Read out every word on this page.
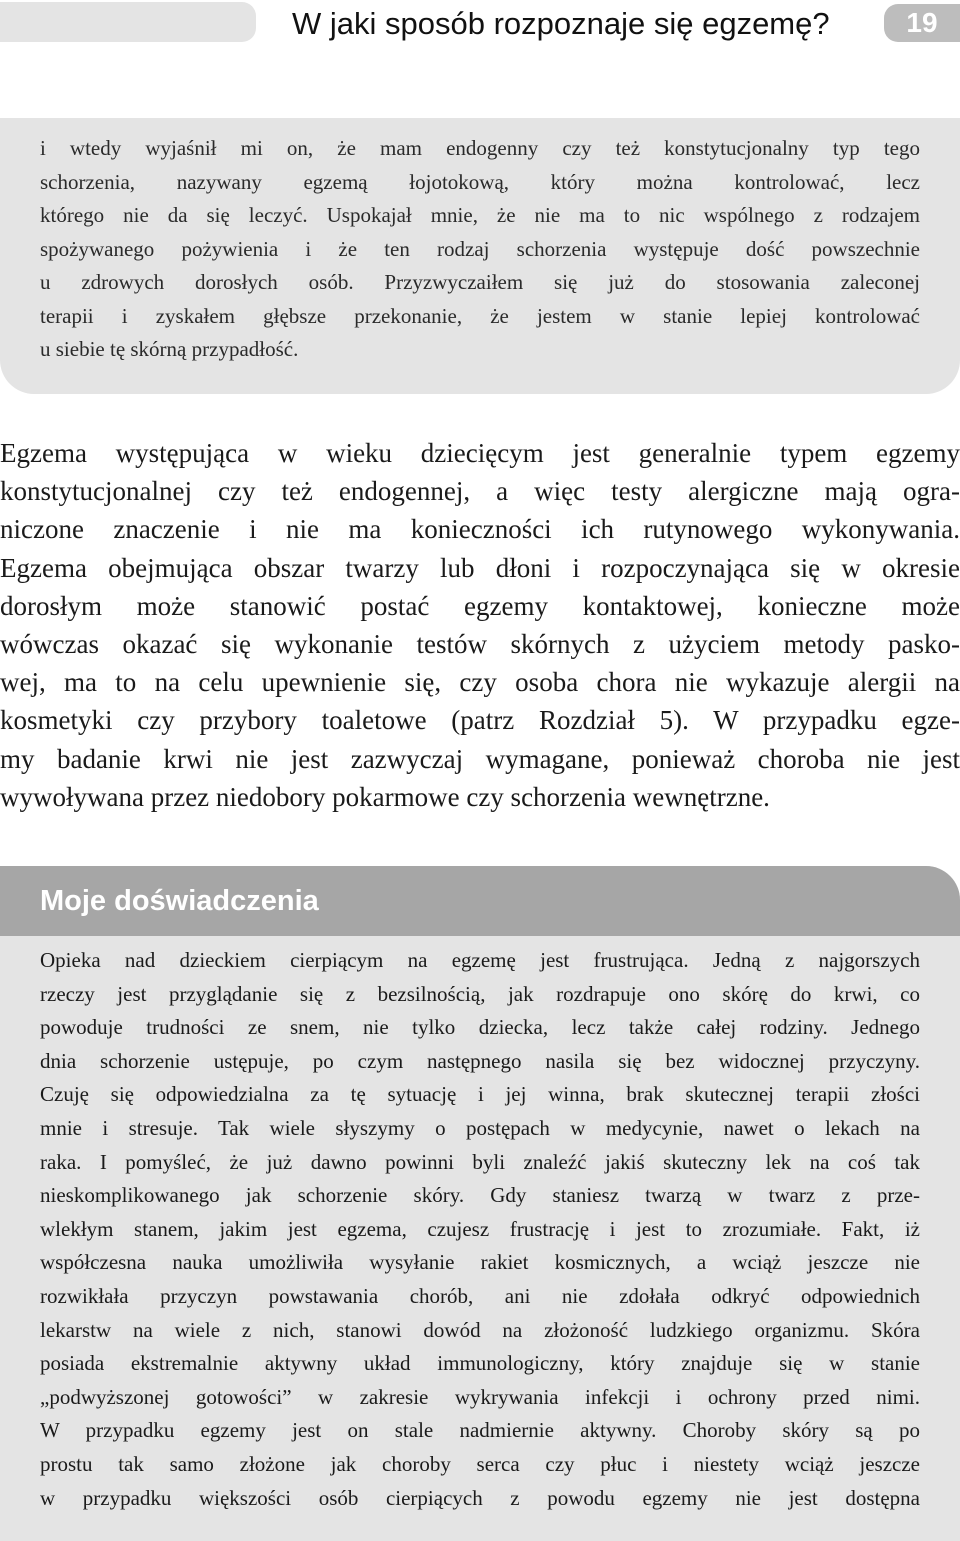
W jaki sposób rozpoznaje się egzemę?	19
i wtedy wyjaśnił mi on, że mam endogenny czy też konstytucjonalny typ tego
schorzenia, nazywany egzemą łojotokową, który można kontrolować, lecz
którego nie da się leczyć. Uspokajał mnie, że nie ma to nic wspólnego z rodzajem
spożywanego pożywienia i że ten rodzaj schorzenia występuje dość powszechnie
u zdrowych dorosłych osób. Przyzwyczaiłem się już do stosowania zaleconej
terapii i zyskałem głębsze przekonanie, że jestem w stanie lepiej kontrolować
u siebie tę skórną przypadłość.
Egzema występująca w wieku dziecięcym jest generalnie typem egzemy
konstytucjonalnej czy też endogennej, a więc testy alergiczne mają ogra-
niczone znaczenie i nie ma konieczności ich rutynowego wykonywania.
Egzema obejmująca obszar twarzy lub dłoni i rozpoczynająca się w okresie
dorosłym może stanowić postać egzemy kontaktowej, konieczne może
wówczas okazać się wykonanie testów skórnych z użyciem metody pasko-
wej, ma to na celu upewnienie się, czy osoba chora nie wykazuje alergii na
kosmetyki czy przybory toaletowe (patrz Rozdział 5). W przypadku egze-
my badanie krwi nie jest zazwyczaj wymagane, ponieważ choroba nie jest
wywoływana przez niedobory pokarmowe czy schorzenia wewnętrzne.
Moje doświadczenia
Opieka nad dzieckiem cierpiącym na egzemę jest frustrująca. Jedną z najgorszych
rzeczy jest przyglądanie się z bezsilnością, jak rozdrapuje ono skórę do krwi, co
powoduje trudności ze snem, nie tylko dziecka, lecz także całej rodziny. Jednego
dnia schorzenie ustępuje, po czym następnego nasila się bez widocznej przyczyny.
Czuję się odpowiedzialna za tę sytuację i jej winna, brak skutecznej terapii złości
mnie i stresuje. Tak wiele słyszymy o postępach w medycynie, nawet o lekach na
raka. I pomyśleć, że już dawno powinni byli znaleźć jakiś skuteczny lek na coś tak
nieskomplikowanego jak schorzenie skóry. Gdy staniesz twarzą w twarz z prze-
wlekłym stanem, jakim jest egzema, czujesz frustrację i jest to zrozumiałe. Fakt, iż
współczesna nauka umożliwiła wysyłanie rakiet kosmicznych, a wciąż jeszcze nie
rozwikłała przyczyn powstawania chorób, ani nie zdołała odkryć odpowiednich
lekarstw na wiele z nich, stanowi dowód na złożoność ludzkiego organizmu. Skóra
posiada ekstremalnie aktywny układ immunologiczny, który znajduje się w stanie
„podwyższonej gotowości” w zakresie wykrywania infekcji i ochrony przed nimi.
W przypadku egzemy jest on stale nadmiernie aktywny. Choroby skóry są po
prostu tak samo złożone jak choroby serca czy płuc i niestety wciąż jeszcze
w przypadku większości osób cierpiących z powodu egzemy nie jest dostępna
